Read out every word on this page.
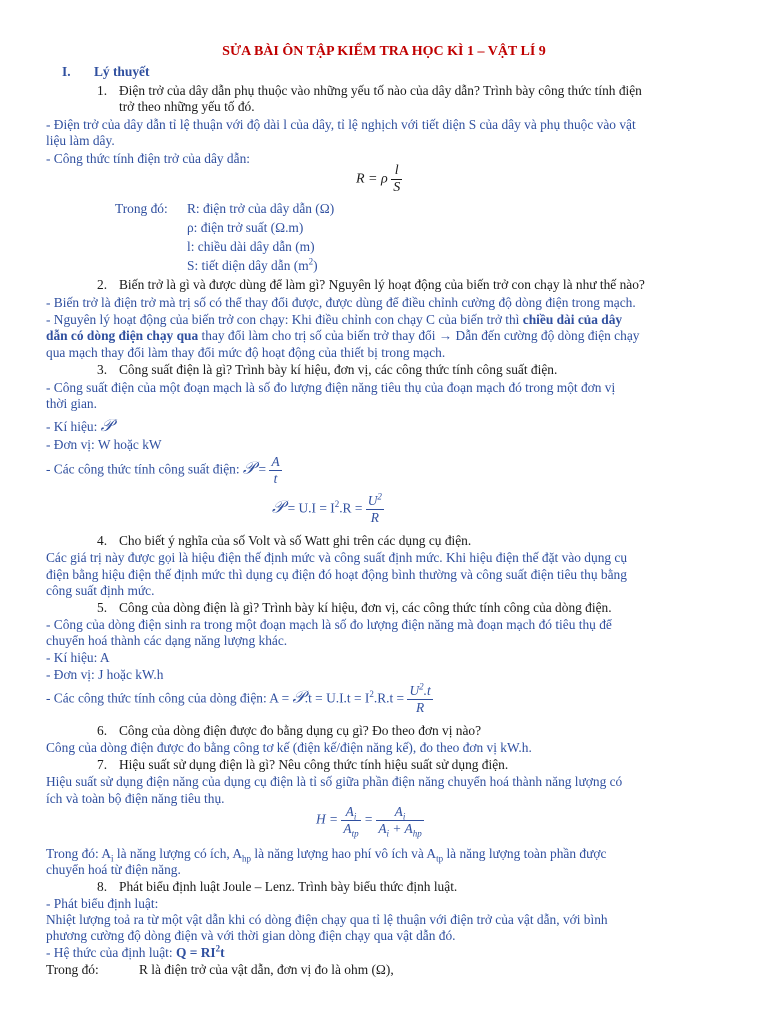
SỬA BÀI ÔN TẬP KIỂM TRA HỌC KÌ 1 – VẬT LÍ 9
I. Lý thuyết
1. Điện trở của dây dẫn phụ thuộc vào những yếu tố nào của dây dẫn? Trình bày công thức tính điện
trở theo những yếu tố đó.
- Điện trở của dây dẫn tỉ lệ thuận với độ dài l của dây, tỉ lệ nghịch với tiết diện S của dây và phụ thuộc vào vật
liệu làm dây.
- Công thức tính điện trở của dây dẫn:
R = ρ $\frac{l}{S}$
Trong đó: R: điện trở của dây dẫn (Ω)
ρ: điện trở suất (Ω.m)
l: chiều dài dây dẫn (m)
S: tiết diện dây dẫn $(m^2)$
2. Biến trở là gì và được dùng để làm gì? Nguyên lý hoạt động của biến trở con chạy là như thế nào?
- Biến trở là điện trở mà trị số có thể thay đổi được, được dùng để điều chỉnh cường độ dòng điện trong mạch.
- Nguyên lý hoạt động của biến trở con chạy: Khi điều chỉnh con chạy C của biến trở thì chiều dài của dây
dẫn có dòng điện chạy qua thay đổi làm cho trị số của biến trở thay đổi → Dẫn đến cường độ dòng điện chạy
qua mạch thay đổi làm thay đổi mức độ hoạt động của thiết bị trong mạch.
3. Công suất điện là gì? Trình bày kí hiệu, đơn vị, các công thức tính công suất điện.
- Công suất điện của một đoạn mạch là số đo lượng điện năng tiêu thụ của đoạn mạch đó trong một đơn vị
thời gian.
- Kí hiệu: 𝒫
- Đơn vị: W hoặc kW
- Các công thức tính công suất điện: 𝒫 = $\frac{A}{t}$
𝒫 = $U.I = I^2.R = \frac{U^2}{R}$
4. Cho biết ý nghĩa của số Volt và số Watt ghi trên các dụng cụ điện.
Các giá trị này được gọi là hiệu điện thế định mức và công suất định mức. Khi hiệu điện thế đặt vào dụng cụ
điện bằng hiệu điện thế định mức thì dụng cụ điện đó hoạt động bình thường và công suất điện tiêu thụ bằng
công suất định mức.
5. Công của dòng điện là gì? Trình bày kí hiệu, đơn vị, các công thức tính công của dòng điện.
- Công của dòng điện sinh ra trong một đoạn mạch là số đo lượng điện năng mà đoạn mạch đó tiêu thụ để
chuyển hoá thành các dạng năng lượng khác.
- Kí hiệu: A
- Đơn vị: J hoặc kW.h
- Các công thức tính công của dòng điện: A = 𝒫.t = $U.I.t = I^2.R.t = \frac{U^2.t}{R}$
6. Công của dòng điện được đo bằng dụng cụ gì? Đo theo đơn vị nào?
Công của dòng điện được đo bằng công tơ kế (điện kế/điện năng kế), đo theo đơn vị kW.h.
7. Hiệu suất sử dụng điện là gì? Nêu công thức tính hiệu suất sử dụng điện.
Hiệu suất sử dụng điện năng của dụng cụ điện là tỉ số giữa phần điện năng chuyển hoá thành năng lượng có
ích và toàn bộ điện năng tiêu thụ.
$H = \frac{A_i}{A_{tp}} = \frac{A_i}{A_i + A_{hp}}$
Trong đó: $A_i$ là năng lượng có ích, $A_{hp}$ là năng lượng hao phí vô ích và $A_{tp}$ là năng lượng toàn phần được
chuyển hoá từ điện năng.
8. Phát biểu định luật Joule – Lenz. Trình bày biểu thức định luật.
- Phát biểu định luật:
Nhiệt lượng toả ra từ một vật dẫn khi có dòng điện chạy qua tỉ lệ thuận với điện trở của vật dẫn, với bình
phương cường độ dòng điện và với thời gian dòng điện chạy qua vật dẫn đó.
- Hệ thức của định luật: $Q = RI^2t$
Trong đó:	R là điện trở của vật dẫn, đơn vị đo là ohm (Ω),
